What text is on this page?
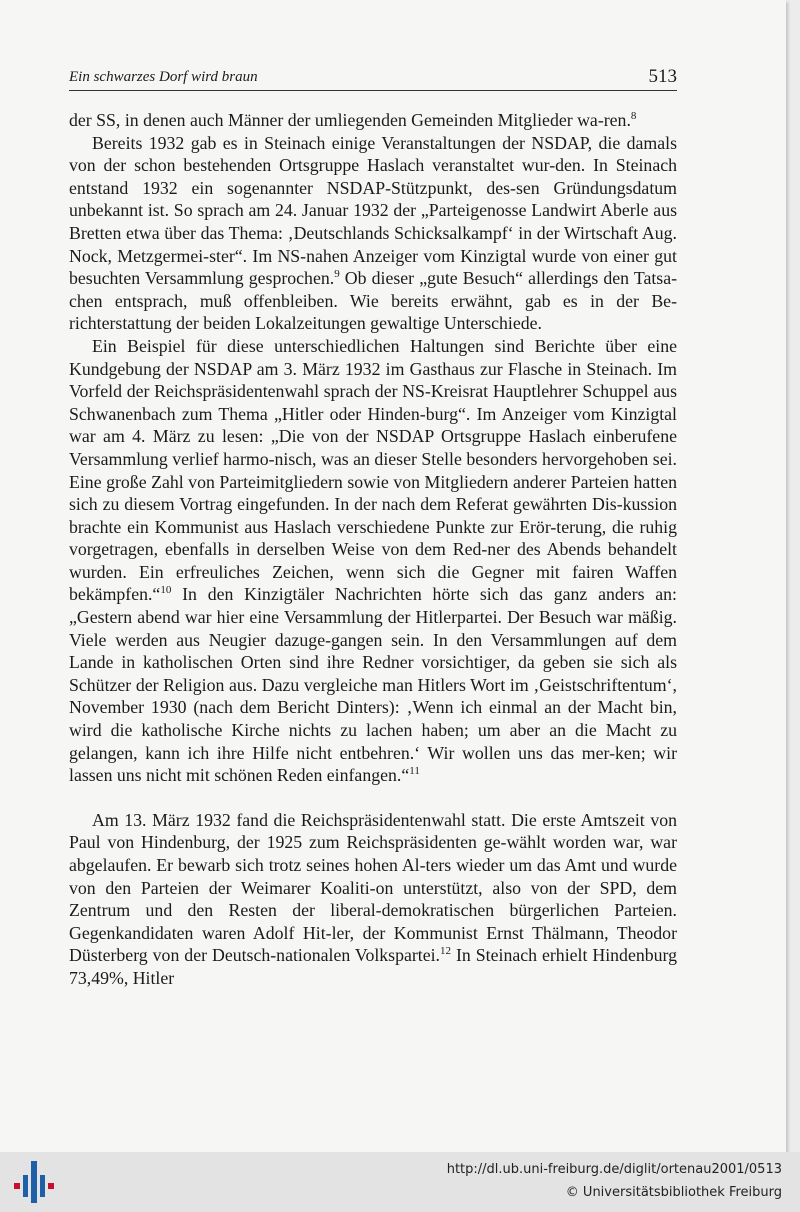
Ein schwarzes Dorf wird braun	513

der SS, in denen auch Männer der umliegenden Gemeinden Mitglieder wa-ren.$^8$

Bereits 1932 gab es in Steinach einige Veranstaltungen der NSDAP, die damals von der schon bestehenden Ortsgruppe Haslach veranstaltet wur-den. In Steinach entstand 1932 ein sogenannter NSDAP-Stützpunkt, des-sen Gründungsdatum unbekannt ist. So sprach am 24. Januar 1932 der „Parteigenosse Landwirt Aberle aus Bretten etwa über das Thema: ‚Deutschlands Schicksalkampf‘ in der Wirtschaft Aug. Nock, Metzgermei-ster“. Im NS-nahen Anzeiger vom Kinzigtal wurde von einer gut besuchten Versammlung gesprochen.$^9$ Ob dieser „gute Besuch“ allerdings den Tatsa-chen entsprach, muß offenbleiben. Wie bereits erwähnt, gab es in der Be-richterstattung der beiden Lokalzeitungen gewaltige Unterschiede.

Ein Beispiel für diese unterschiedlichen Haltungen sind Berichte über eine Kundgebung der NSDAP am 3. März 1932 im Gasthaus zur Flasche in Steinach. Im Vorfeld der Reichspräsidentenwahl sprach der NS-Kreisrat Hauptlehrer Schuppel aus Schwanenbach zum Thema „Hitler oder Hinden-burg“. Im Anzeiger vom Kinzigtal war am 4. März zu lesen: „Die von der NSDAP Ortsgruppe Haslach einberufene Versammlung verlief harmo-nisch, was an dieser Stelle besonders hervorgehoben sei. Eine große Zahl von Parteimitgliedern sowie von Mitgliedern anderer Parteien hatten sich zu diesem Vortrag eingefunden. In der nach dem Referat gewährten Dis-kussion brachte ein Kommunist aus Haslach verschiedene Punkte zur Erör-terung, die ruhig vorgetragen, ebenfalls in derselben Weise von dem Red-ner des Abends behandelt wurden. Ein erfreuliches Zeichen, wenn sich die Gegner mit fairen Waffen bekämpfen.“$^{10}$ In den Kinzigtäler Nachrichten hörte sich das ganz anders an: „Gestern abend war hier eine Versammlung der Hitlerpartei. Der Besuch war mäßig. Viele werden aus Neugier dazuge-gangen sein. In den Versammlungen auf dem Lande in katholischen Orten sind ihre Redner vorsichtiger, da geben sie sich als Schützer der Religion aus. Dazu vergleiche man Hitlers Wort im ‚Geistschriftentum‘, November 1930 (nach dem Bericht Dinters): ‚Wenn ich einmal an der Macht bin, wird die katholische Kirche nichts zu lachen haben; um aber an die Macht zu gelangen, kann ich ihre Hilfe nicht entbehren.‘ Wir wollen uns das mer-ken; wir lassen uns nicht mit schönen Reden einfangen.“$^{11}$

Am 13. März 1932 fand die Reichspräsidentenwahl statt. Die erste Amtszeit von Paul von Hindenburg, der 1925 zum Reichspräsidenten ge-wählt worden war, war abgelaufen. Er bewarb sich trotz seines hohen Al-ters wieder um das Amt und wurde von den Parteien der Weimarer Koaliti-on unterstützt, also von der SPD, dem Zentrum und den Resten der liberal-demokratischen bürgerlichen Parteien. Gegenkandidaten waren Adolf Hit-ler, der Kommunist Ernst Thälmann, Theodor Düsterberg von der Deutsch-nationalen Volkspartei.$^{12}$ In Steinach erhielt Hindenburg 73,49%, Hitler

http://dl.ub.uni-freiburg.de/diglit/ortenau2001/0513
© Universitätsbibliothek Freiburg
